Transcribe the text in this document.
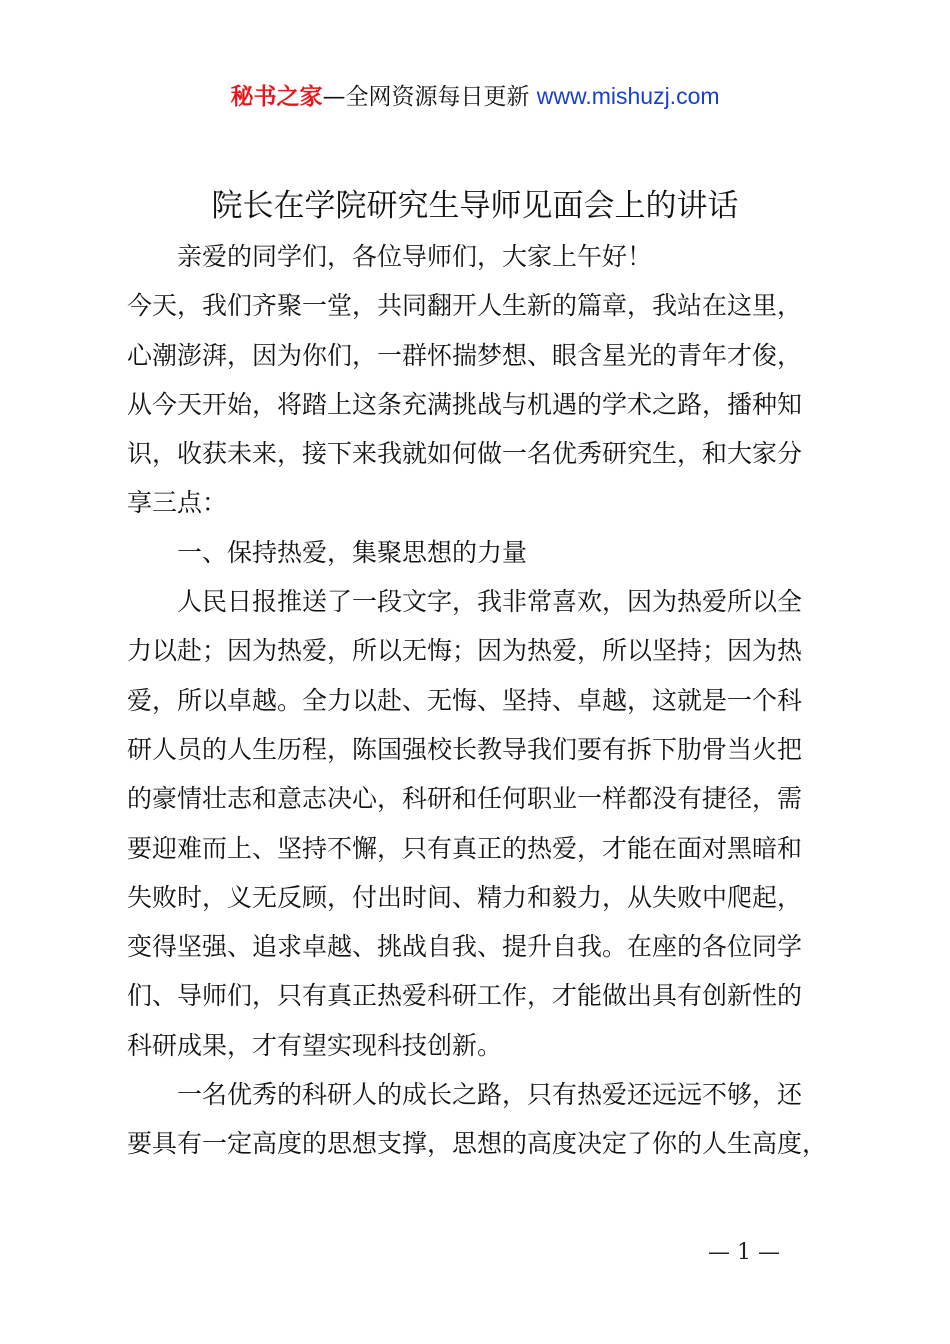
秘书之家—全网资源每日更新 www.mishuzj.com
院长在学院研究生导师见面会上的讲话
亲爱的同学们，各位导师们，大家上午好！
今天，我们齐聚一堂，共同翻开人生新的篇章，我站在这里，
心潮澎湃，因为你们，一群怀揣梦想、眼含星光的青年才俊，
从今天开始，将踏上这条充满挑战与机遇的学术之路，播种知
识，收获未来，接下来我就如何做一名优秀研究生，和大家分
享三点：
一、保持热爱，集聚思想的力量
人民日报推送了一段文字，我非常喜欢，因为热爱所以全
力以赴；因为热爱，所以无悔；因为热爱，所以坚持；因为热
爱，所以卓越。全力以赴、无悔、坚持、卓越，这就是一个科
研人员的人生历程，陈国强校长教导我们要有拆下肋骨当火把
的豪情壮志和意志决心，科研和任何职业一样都没有捷径，需
要迎难而上、坚持不懈，只有真正的热爱，才能在面对黑暗和
失败时，义无反顾，付出时间、精力和毅力，从失败中爬起，
变得坚强、追求卓越、挑战自我、提升自我。在座的各位同学
们、导师们，只有真正热爱科研工作，才能做出具有创新性的
科研成果，才有望实现科技创新。
一名优秀的科研人的成长之路，只有热爱还远远不够，还
要具有一定高度的思想支撑，思想的高度决定了你的人生高度，
— 1 —
